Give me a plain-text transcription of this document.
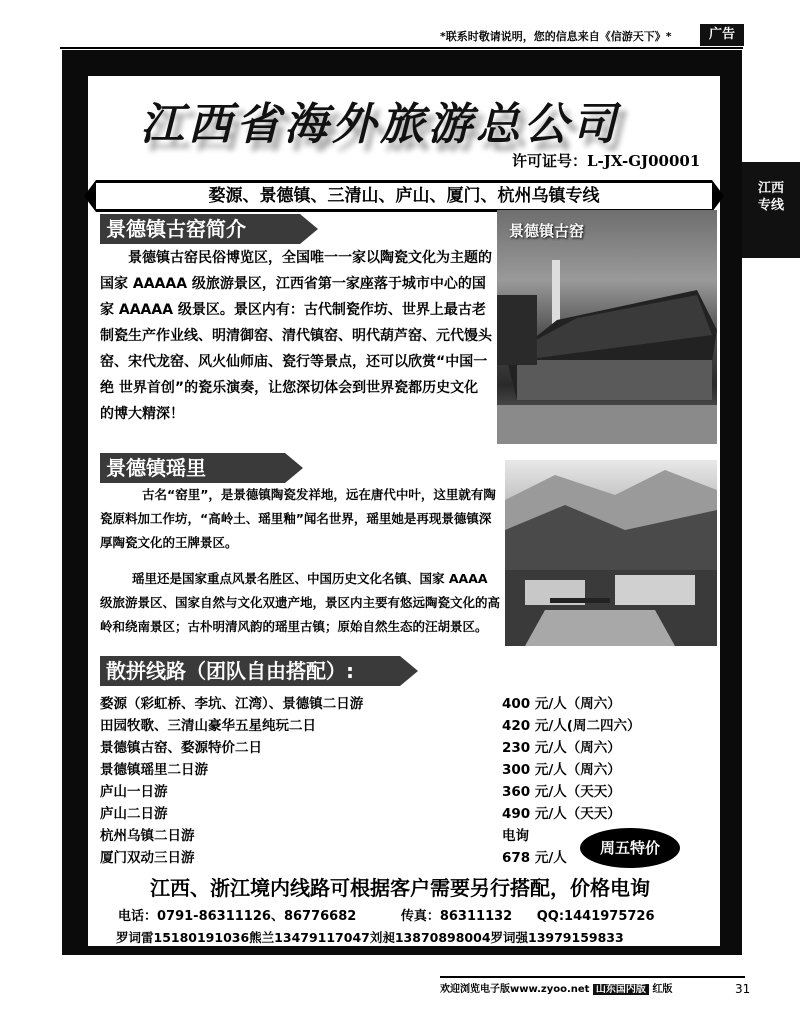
*联系时敬请说明，您的信息来自《信游天下》*	广告
江西专线
江西省海外旅游总公司
许可证号：L-JX-GJ00001
婺源、景德镇、三清山、庐山、厦门、杭州乌镇专线
景德镇古窑简介	景德镇古窑
景德镇古窑民俗博览区，全国唯一一家以陶瓷文化为主题的国家 AAAAA 级旅游景区，江西省第一家座落于城市中心的国家 AAAAA 级景区。景区内有：古代制瓷作坊、世界上最古老制瓷生产作业线、明清御窑、清代镇窑、明代葫芦窑、元代馒头窑、宋代龙窑、风火仙师庙、瓷行等景点，还可以欣赏“中国一绝 世界首创”的瓷乐演奏，让您深切体会到世界瓷都历史文化的博大精深！
景德镇瑶里
古名“窑里”，是景德镇陶瓷发祥地，远在唐代中叶，这里就有陶瓷原料加工作坊，“高岭土、瑶里釉”闻名世界，瑶里她是再现景德镇深厚陶瓷文化的王牌景区。
瑶里还是国家重点风景名胜区、中国历史文化名镇、国家 AAAA 级旅游景区、国家自然与文化双遗产地，景区内主要有悠远陶瓷文化的高岭和绕南景区；古朴明清风韵的瑶里古镇；原始自然生态的汪胡景区。
散拼线路（团队自由搭配）:
婺源（彩虹桥、李坑、江湾）、景德镇二日游	400 元/人（周六）
田园牧歌、三清山豪华五星纯玩二日	420 元/人(周二四六）
景德镇古窑、婺源特价二日	230 元/人（周六）
景德镇瑶里二日游	300 元/人（周六）
庐山一日游	360 元/人（天天）
庐山二日游	490 元/人（天天）
杭州乌镇二日游	电询
厦门双动三日游	678 元/人
周五特价
江西、浙江境内线路可根据客户需要另行搭配，价格电询
电话：0791-86311126、86776682	传真：86311132 QQ:1441975726
罗词雷15180191036熊兰13479117047刘昶13870898004罗词强13979159833
欢迎浏览电子版www.zyoo.net 山东国内版 红版	31
